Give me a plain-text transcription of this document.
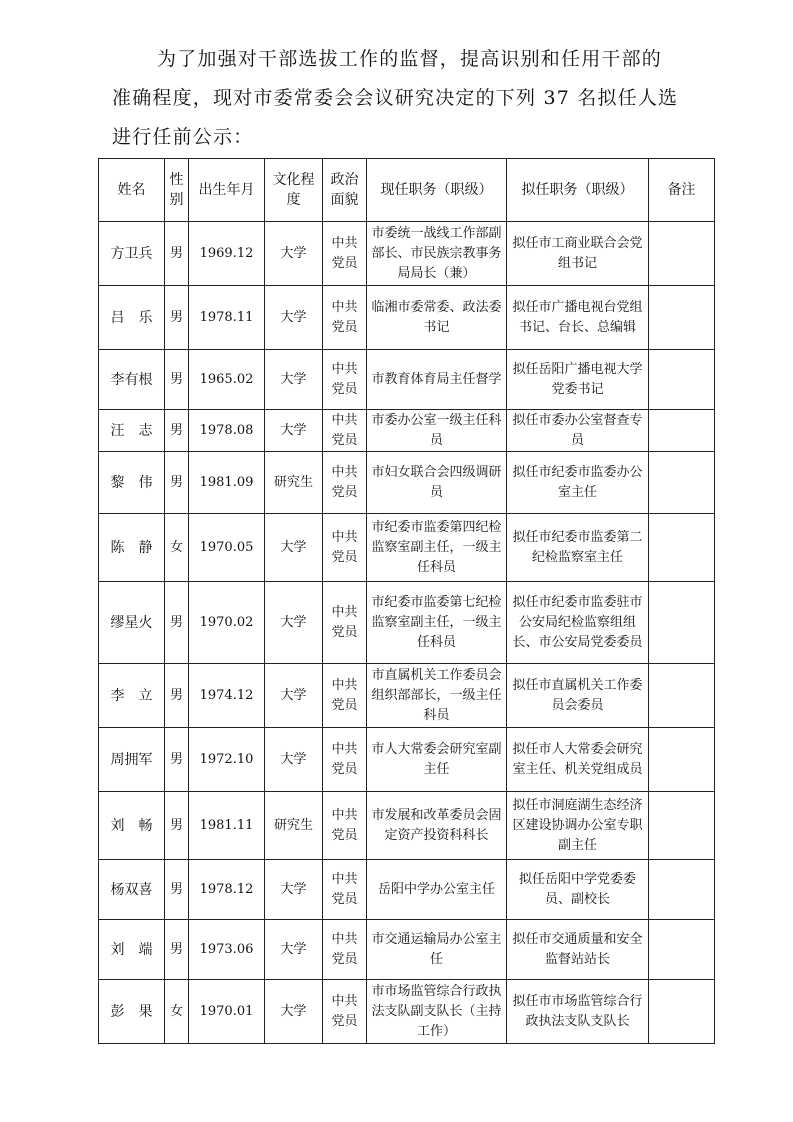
为了加强对干部选拔工作的监督，提高识别和任用干部的

准确程度，现对市委常委会会议研究决定的下列 37 名拟任人选

进行任前公示：

姓名	性别	出生年月	文化程度	政治面貌	现任职务（职级）	拟任职务（职级）	备注
方卫兵	男	1969.12	大学	中共党员	市委统一战线工作部副部长、市民族宗教事务局局长（兼）	拟任市工商业联合会党组书记	
吕　乐	男	1978.11	大学	中共党员	临湘市委常委、政法委书记	拟任市广播电视台党组书记、台长、总编辑	
李有根	男	1965.02	大学	中共党员	市教育体育局主任督学	拟任岳阳广播电视大学党委书记	
汪　志	男	1978.08	大学	中共党员	市委办公室一级主任科员	拟任市委办公室督查专员	
黎　伟	男	1981.09	研究生	中共党员	市妇女联合会四级调研员	拟任市纪委市监委办公室主任	
陈　静	女	1970.05	大学	中共党员	市纪委市监委第四纪检监察室副主任，一级主任科员	拟任市纪委市监委第二纪检监察室主任	
缪星火	男	1970.02	大学	中共党员	市纪委市监委第七纪检监察室副主任，一级主任科员	拟任市纪委市监委驻市公安局纪检监察组组长、市公安局党委委员	
李　立	男	1974.12	大学	中共党员	市直属机关工作委员会组织部部长，一级主任科员	拟任市直属机关工作委员会委员	
周拥军	男	1972.10	大学	中共党员	市人大常委会研究室副主任	拟任市人大常委会研究室主任、机关党组成员	
刘　畅	男	1981.11	研究生	中共党员	市发展和改革委员会固定资产投资科科长	拟任市洞庭湖生态经济区建设协调办公室专职副主任	
杨双喜	男	1978.12	大学	中共党员	岳阳中学办公室主任	拟任岳阳中学党委委员、副校长	
刘　端	男	1973.06	大学	中共党员	市交通运输局办公室主任	拟任市交通质量和安全监督站站长	
彭　果	女	1970.01	大学	中共党员	市市场监管综合行政执法支队副支队长（主持工作）	拟任市市场监管综合行政执法支队支队长	
